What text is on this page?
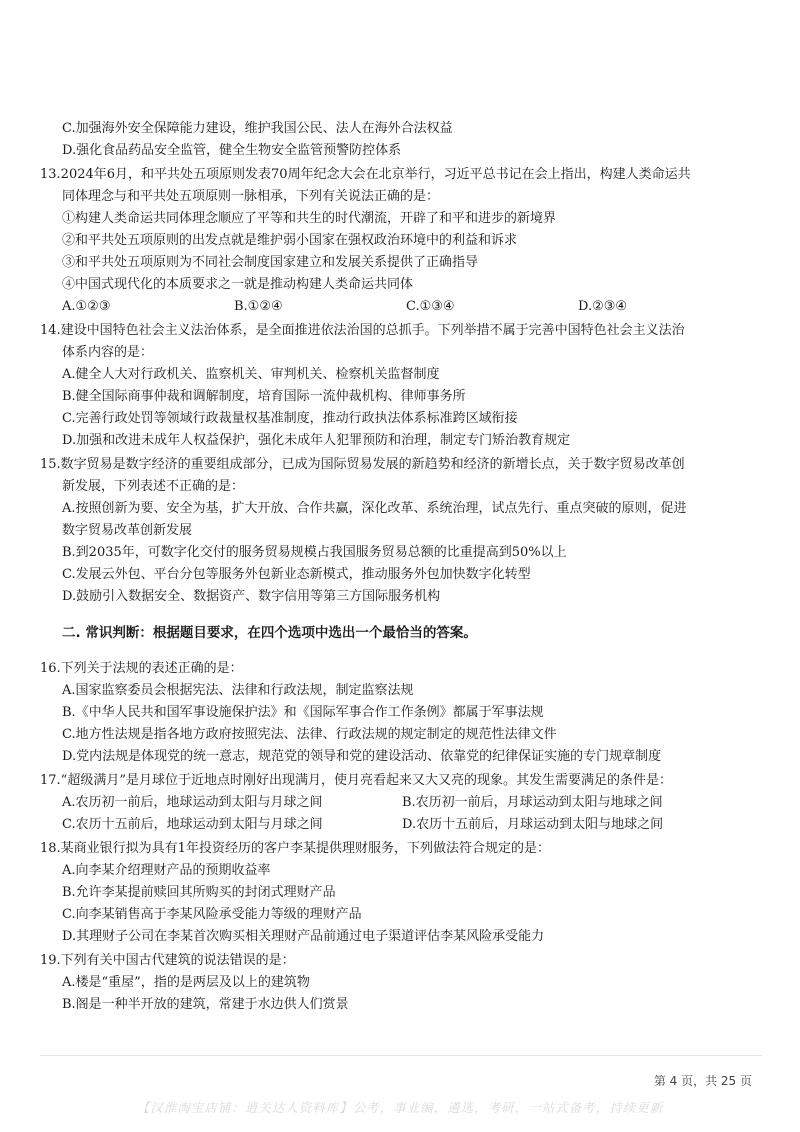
C.加强海外安全保障能力建设，维护我国公民、法人在海外合法权益
D.强化食品药品安全监管，健全生物安全监管预警防控体系
13.2024年6月，和平共处五项原则发表70周年纪念大会在北京举行，习近平总书记在会上指出，构建人类命运共
同体理念与和平共处五项原则一脉相承，下列有关说法正确的是：
①构建人类命运共同体理念顺应了平等和共生的时代潮流，开辟了和平和进步的新境界
②和平共处五项原则的出发点就是维护弱小国家在强权政治环境中的利益和诉求
③和平共处五项原则为不同社会制度国家建立和发展关系提供了正确指导
④中国式现代化的本质要求之一就是推动构建人类命运共同体
A.①②③	B.①②④	C.①③④	D.②③④
14.建设中国特色社会主义法治体系，是全面推进依法治国的总抓手。下列举措不属于完善中国特色社会主义法治
体系内容的是：
A.健全人大对行政机关、监察机关、审判机关、检察机关监督制度
B.健全国际商事仲裁和调解制度，培育国际一流仲裁机构、律师事务所
C.完善行政处罚等领域行政裁量权基准制度，推动行政执法体系标准跨区域衔接
D.加强和改进未成年人权益保护，强化未成年人犯罪预防和治理，制定专门矫治教育规定
15.数字贸易是数字经济的重要组成部分，已成为国际贸易发展的新趋势和经济的新增长点，关于数字贸易改革创
新发展，下列表述不正确的是：
A.按照创新为要、安全为基，扩大开放、合作共赢，深化改革、系统治理，试点先行、重点突破的原则，促进
数字贸易改革创新发展
B.到2035年，可数字化交付的服务贸易规模占我国服务贸易总额的比重提高到50%以上
C.发展云外包、平台分包等服务外包新业态新模式，推动服务外包加快数字化转型
D.鼓励引入数据安全、数据资产、数字信用等第三方国际服务机构
二. 常识判断：根据题目要求，在四个选项中选出一个最恰当的答案。
16.下列关于法规的表述正确的是：
A.国家监察委员会根据宪法、法律和行政法规，制定监察法规
B.《中华人民共和国军事设施保护法》和《国际军事合作工作条例》都属于军事法规
C.地方性法规是指各地方政府按照宪法、法律、行政法规的规定制定的规范性法律文件
D.党内法规是体现党的统一意志，规范党的领导和党的建设活动、依靠党的纪律保证实施的专门规章制度
17.“超级满月”是月球位于近地点时刚好出现满月，使月亮看起来又大又亮的现象。其发生需要满足的条件是：
A.农历初一前后，地球运动到太阳与月球之间	B.农历初一前后，月球运动到太阳与地球之间
C.农历十五前后，地球运动到太阳与月球之间	D.农历十五前后，月球运动到太阳与地球之间
18.某商业银行拟为具有1年投资经历的客户李某提供理财服务，下列做法符合规定的是：
A.向李某介绍理财产品的预期收益率
B.允许李某提前赎回其所购买的封闭式理财产品
C.向李某销售高于李某风险承受能力等级的理财产品
D.其理财子公司在李某首次购买相关理财产品前通过电子渠道评估李某风险承受能力
19.下列有关中国古代建筑的说法错误的是：
A.楼是“重屋”，指的是两层及以上的建筑物
B.阁是一种半开放的建筑，常建于水边供人们赏景
第 4 页，共 25 页
【汉淮淘宝店铺：逍关达人资料库】公考，事业编，遴选，考研，一站式备考，持续更新
